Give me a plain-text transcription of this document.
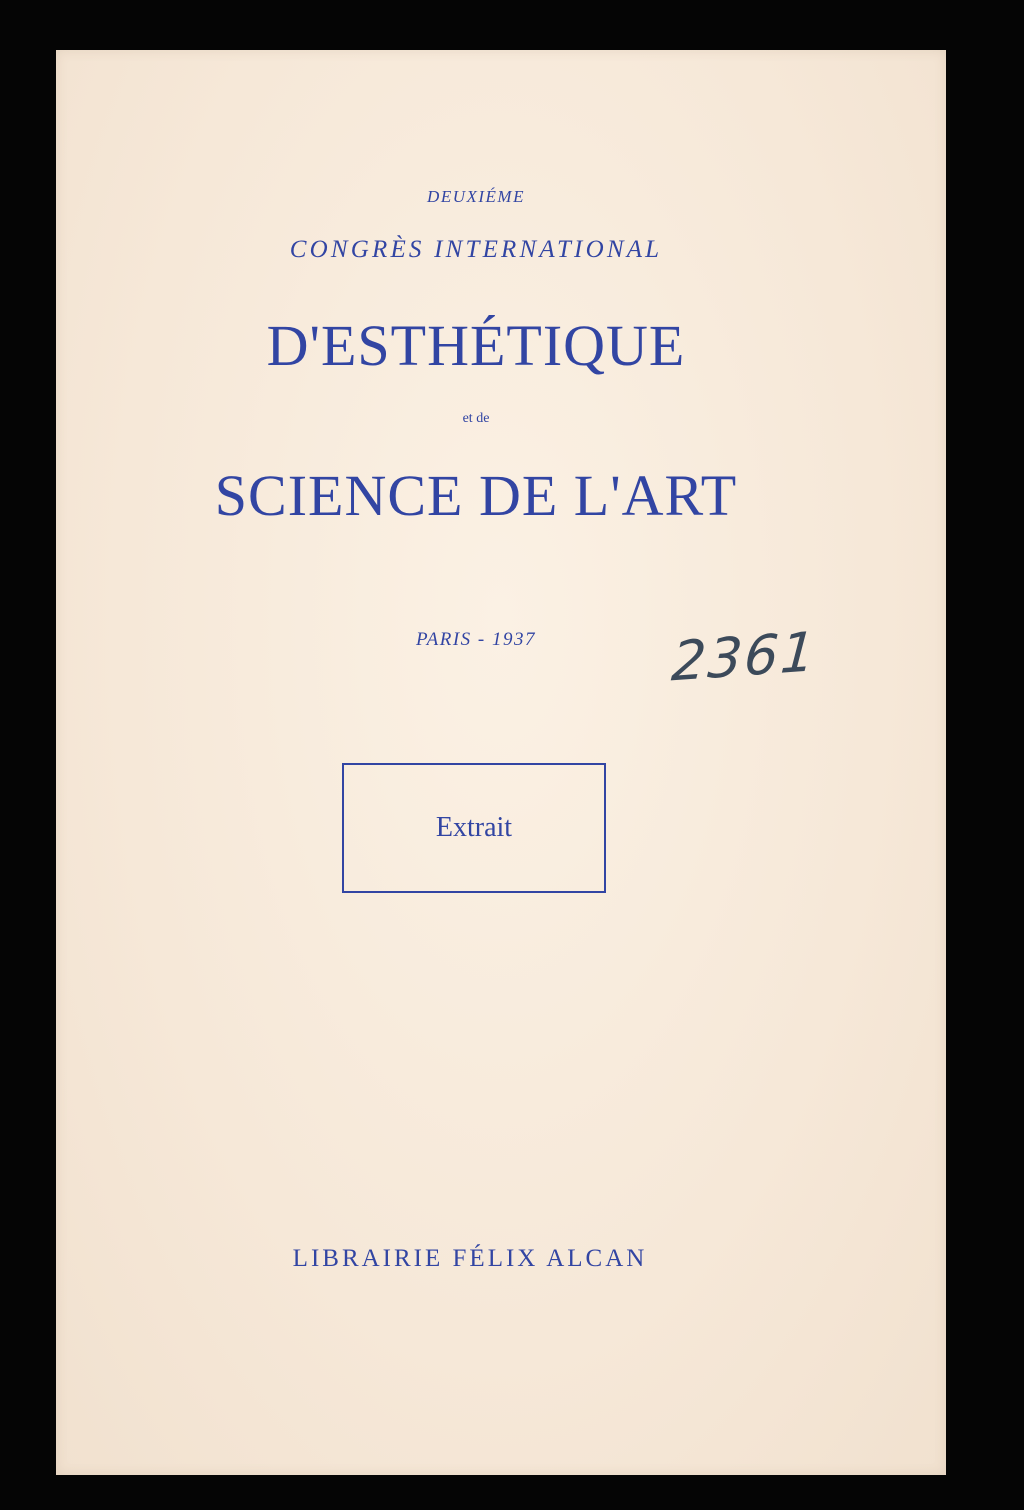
DEUXIÉME
CONGRÈS INTERNATIONAL
D'ESTHÉTIQUE
et de
SCIENCE DE L'ART
PARIS - 1937 2361
Extrait
LIBRAIRIE FÉLIX ALCAN
